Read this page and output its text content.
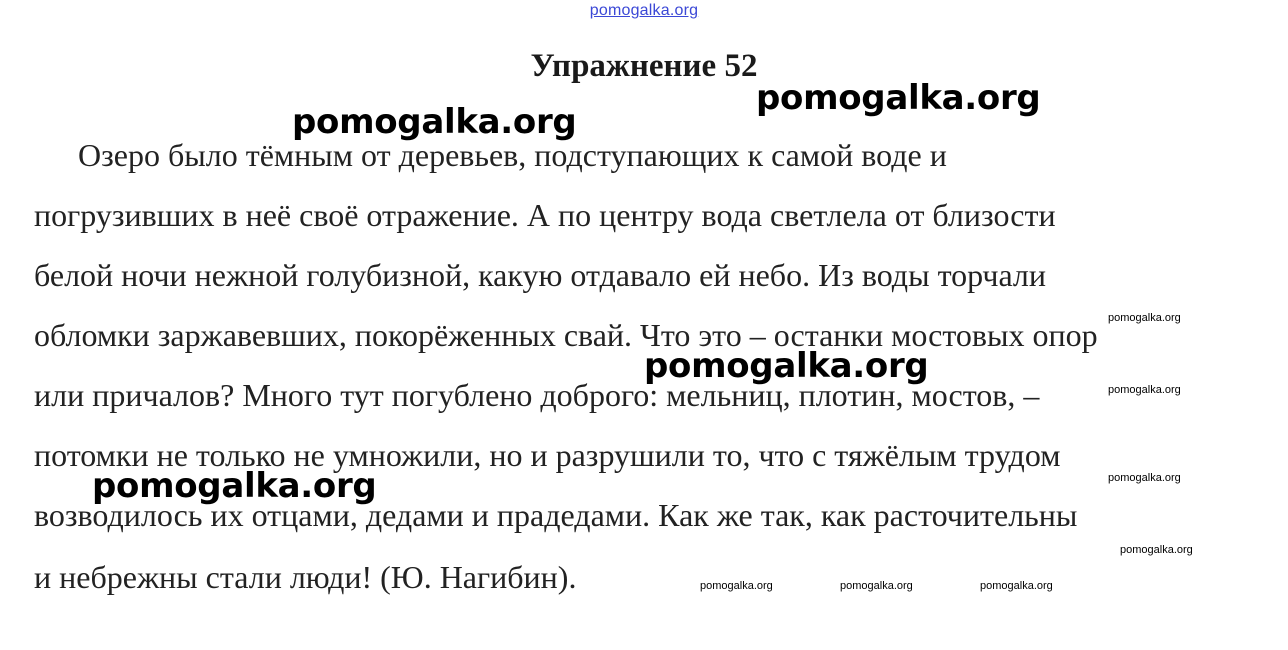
pomogalka.org
Упражнение 52
Озеро было тёмным от деревьев, подступающих к самой воде и
погрузивших в неё своё отражение. А по центру вода светлела от близости
белой ночи нежной голубизной, какую отдавало ей небо. Из воды торчали
обломки заржавевших, покорёженных свай. Что это – останки мостовых опор
или причалов? Много тут погублено доброго: мельниц, плотин, мостов, –
потомки не только не умножили, но и разрушили то, что с тяжёлым трудом
возводилось их отцами, дедами и прадедами. Как же так, как расточительны
и небрежны стали люди! (Ю. Нагибин).
pomogalka.org
pomogalka.org
pomogalka.org
pomogalka.org
pomogalka.org
pomogalka.org
pomogalka.org
pomogalka.org
pomogalka.org	pomogalka.org	pomogalka.org
